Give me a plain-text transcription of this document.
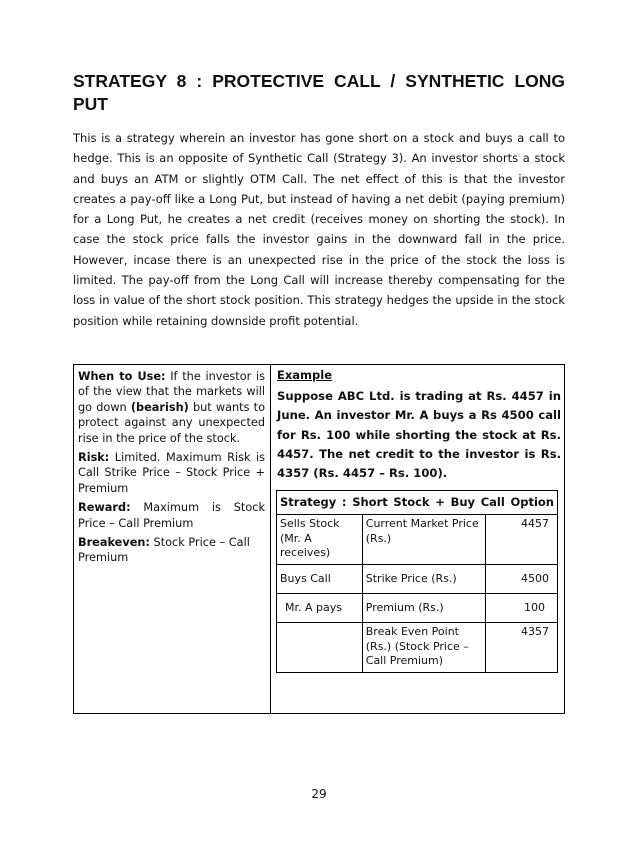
STRATEGY 8 : PROTECTIVE CALL / SYNTHETIC LONG PUT

This is a strategy wherein an investor has gone short on a stock and buys a call to hedge. This is an opposite of Synthetic Call (Strategy 3). An investor shorts a stock and buys an ATM or slightly OTM Call. The net effect of this is that the investor creates a pay-off like a Long Put, but instead of having a net debit (paying premium) for a Long Put, he creates a net credit (receives money on shorting the stock). In case the stock price falls the investor gains in the downward fall in the price. However, incase there is an unexpected rise in the price of the stock the loss is limited. The pay-off from the Long Call will increase thereby compensating for the loss in value of the short stock position. This strategy hedges the upside in the stock position while retaining downside profit potential.

When to Use: If the investor is of the view that the markets will go down (bearish) but wants to protect against any unexpected rise in the price of the stock.

Risk: Limited. Maximum Risk is Call Strike Price – Stock Price + Premium

Reward: Maximum is Stock Price – Call Premium

Breakeven: Stock Price – Call Premium

Example

Suppose ABC Ltd. is trading at Rs. 4457 in June. An investor Mr. A buys a Rs 4500 call for Rs. 100 while shorting the stock at Rs. 4457. The net credit to the investor is Rs. 4357 (Rs. 4457 – Rs. 100).

Strategy : Short Stock + Buy Call Option		
Sells Stock (Mr. A receives)	Current Market Price (Rs.)	4457
Buys Call	Strike Price (Rs.)	4500
Mr. A pays	Premium (Rs.)	100
	Break Even Point (Rs.) (Stock Price – Call Premium)	4357
29
